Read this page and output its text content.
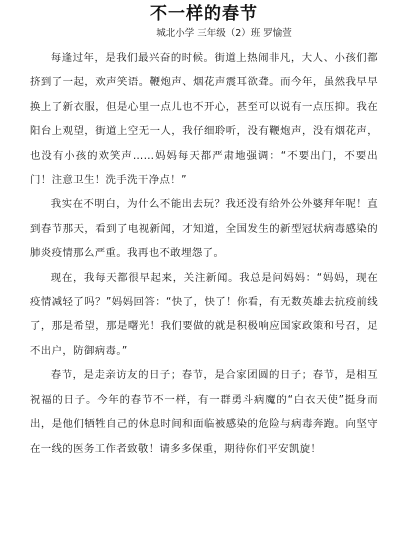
不一样的春节
城北小学 三年级（2）班 罗愉萱

每逢过年，是我们最兴奋的时候。街道上热闹非凡，大人、小孩们都挤到了一起，欢声笑语。鞭炮声、烟花声震耳欲聋。而今年，虽然我早早换上了新衣服，但是心里一点儿也不开心，甚至可以说有一点压抑。我在阳台上观望，街道上空无一人，我仔细聆听，没有鞭炮声，没有烟花声，也没有小孩的欢笑声……妈妈每天都严肃地强调：“不要出门，不要出门！注意卫生！洗手洗干净点！”

我实在不明白，为什么不能出去玩？我还没有给外公外婆拜年呢！直到春节那天，看到了电视新闻，才知道，全国发生的新型冠状病毒感染的肺炎疫情那么严重。我再也不敢埋怨了。

现在，我每天都很早起来，关注新闻。我总是问妈妈：“妈妈，现在疫情减轻了吗？”妈妈回答：“快了，快了！你看，有无数英雄去抗疫前线了，那是希望，那是曙光！我们要做的就是积极响应国家政策和号召，足不出户，防御病毒。”

春节，是走亲访友的日子；春节，是合家团圆的日子；春节，是相互祝福的日子。今年的春节不一样，有一群勇斗病魔的“白衣天使”挺身而出，是他们牺牲自己的休息时间和面临被感染的危险与病毒奔跑。向坚守在一线的医务工作者致敬！请多多保重，期待你们平安凯旋！
